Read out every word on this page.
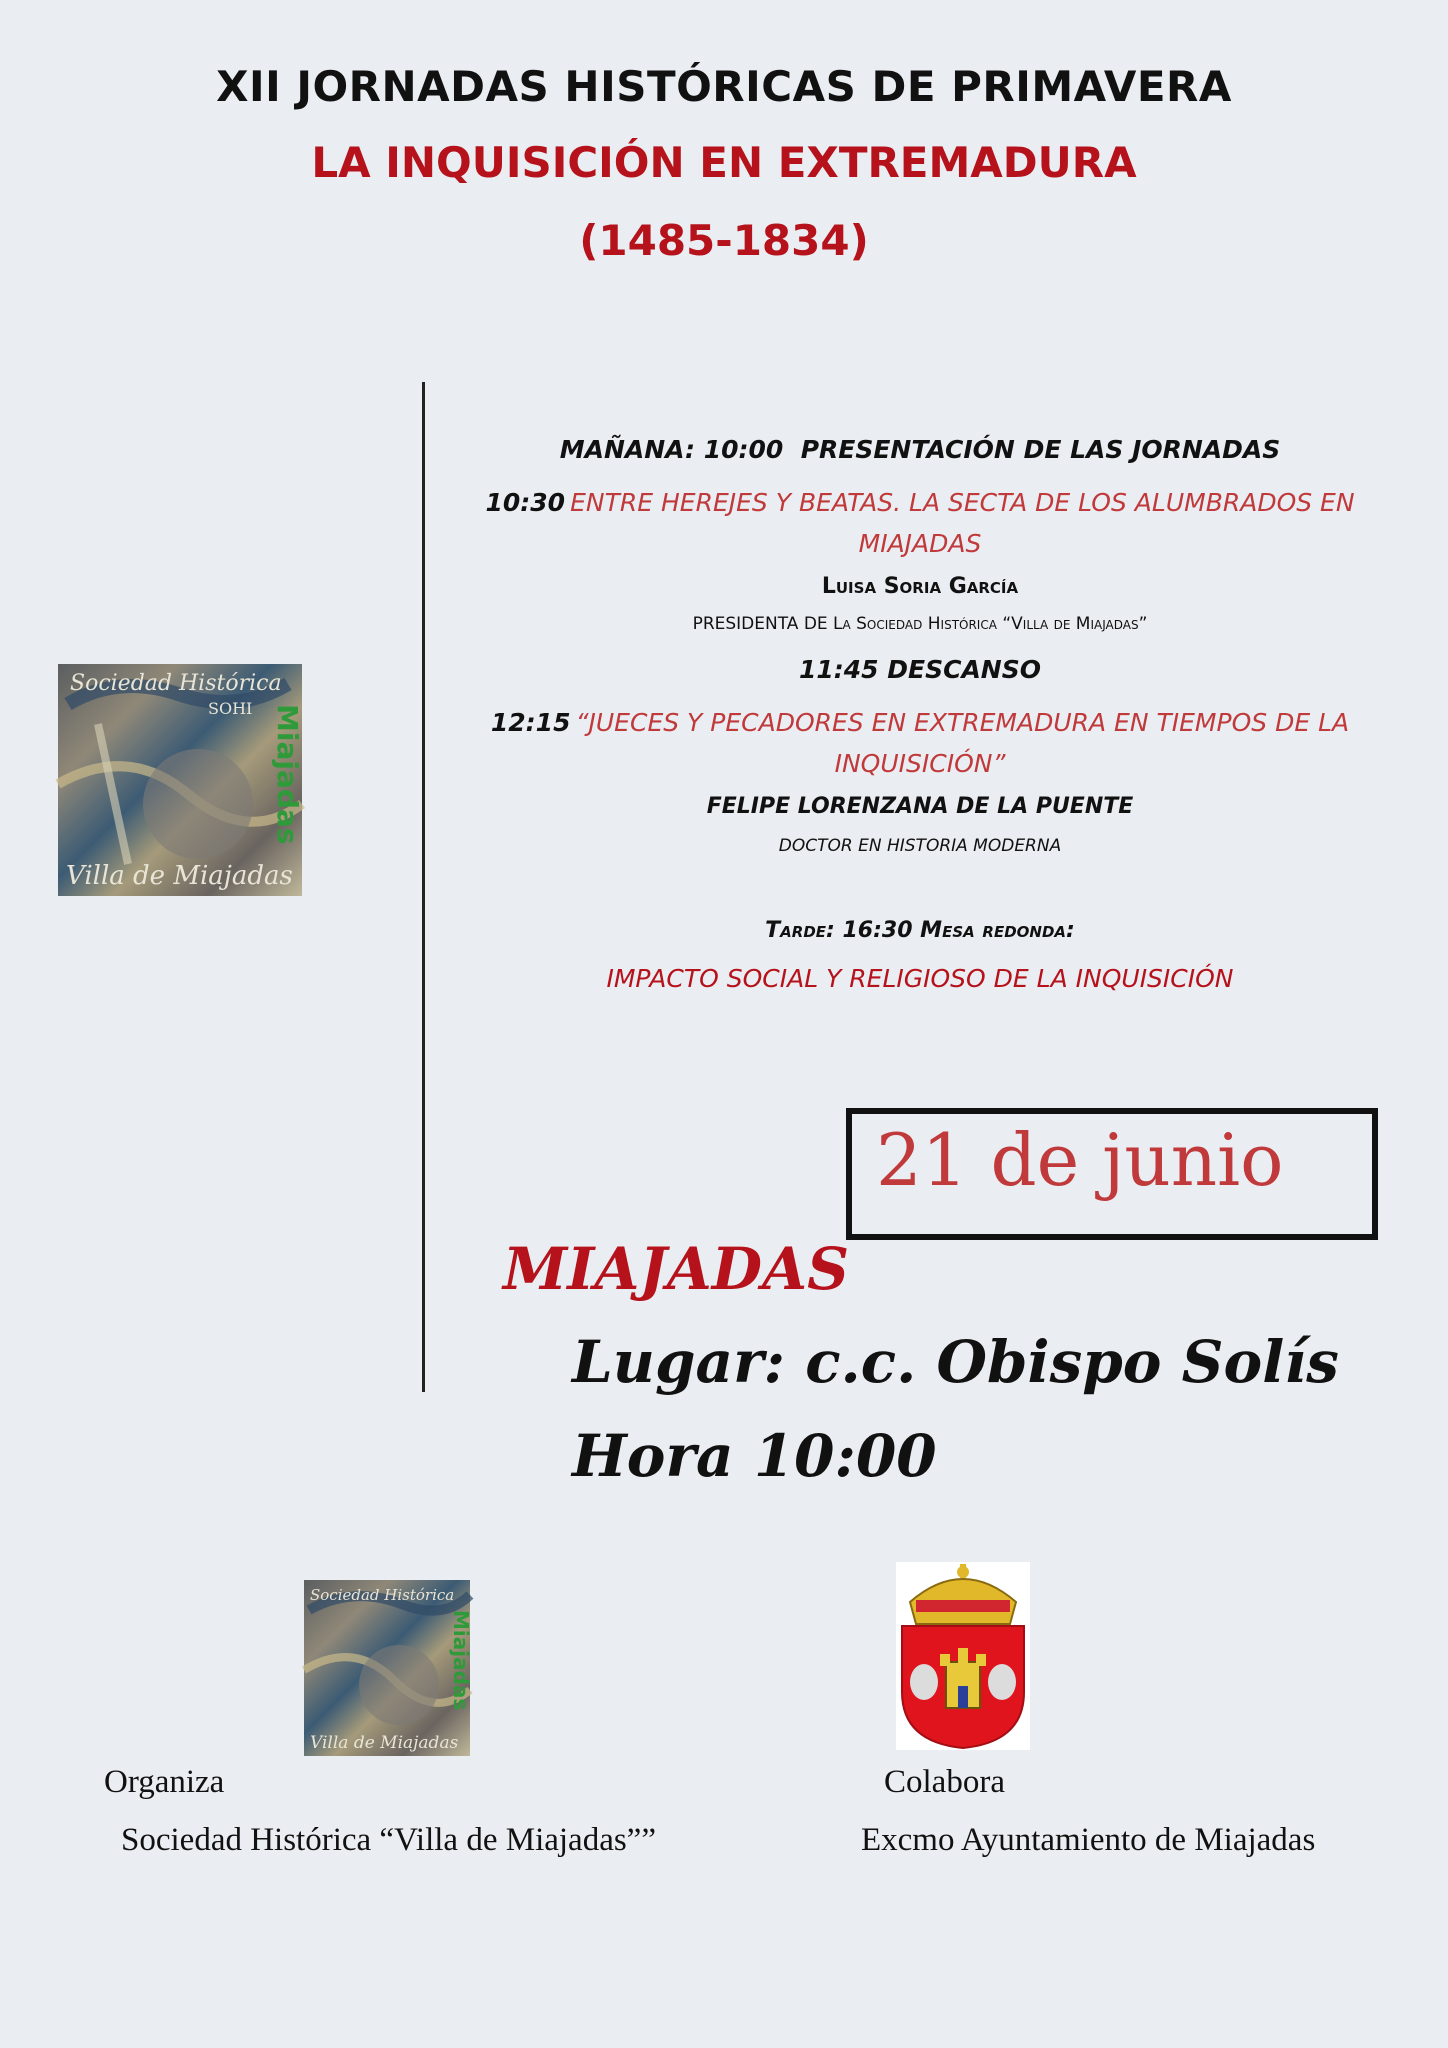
XII JORNADAS HISTÓRICAS DE PRIMAVERA
LA INQUISICIÓN EN EXTREMADURA
(1485-1834)
Sociedad Histórica
SOHI
Villa de Miajadas
Miajadas
MAÑANA: 10:00 PRESENTACIÓN DE LAS JORNADAS
10:30 ENTRE HEREJES Y BEATAS. LA SECTA DE LOS ALUMBRADOS EN
MIAJADAS
Luisa Soria García
PRESIDENTA DE La Sociedad Histórica “Villa de Miajadas”
11:45 DESCANSO
12:15 “JUECES Y PECADORES EN EXTREMADURA EN TIEMPOS DE LA
INQUISICIÓN”
FELIPE LORENZANA DE LA PUENTE
DOCTOR EN HISTORIA MODERNA
Tarde: 16:30 Mesa redonda:
IMPACTO SOCIAL Y RELIGIOSO DE LA INQUISICIÓN
21 de junio
MIAJADAS
Lugar: c.c. Obispo Solís
Hora 10:00
Sociedad Histórica
Villa de Miajadas
Miajadas
Organiza
Sociedad Histórica “Villa de Miajadas””
Colabora
Excmo Ayuntamiento de Miajadas
